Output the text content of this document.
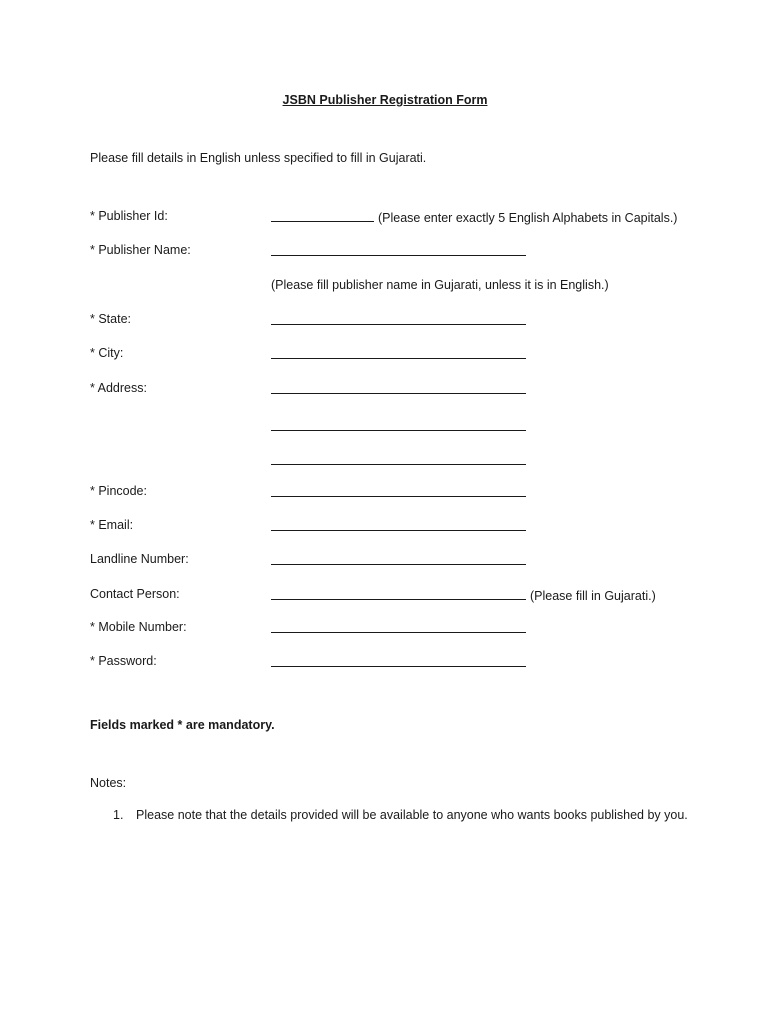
JSBN Publisher Registration Form
Please fill details in English unless specified to fill in Gujarati.
* Publisher Id:	(Please enter exactly 5 English Alphabets in Capitals.)
* Publisher Name:
(Please fill publisher name in Gujarati, unless it is in English.)
* State:
* City:
* Address:
* Pincode:
* Email:
Landline Number:
Contact Person:	(Please fill in Gujarati.)
* Mobile Number:
* Password:
Fields marked * are mandatory.
Notes:
1. Please note that the details provided will be available to anyone who wants books published by you.
